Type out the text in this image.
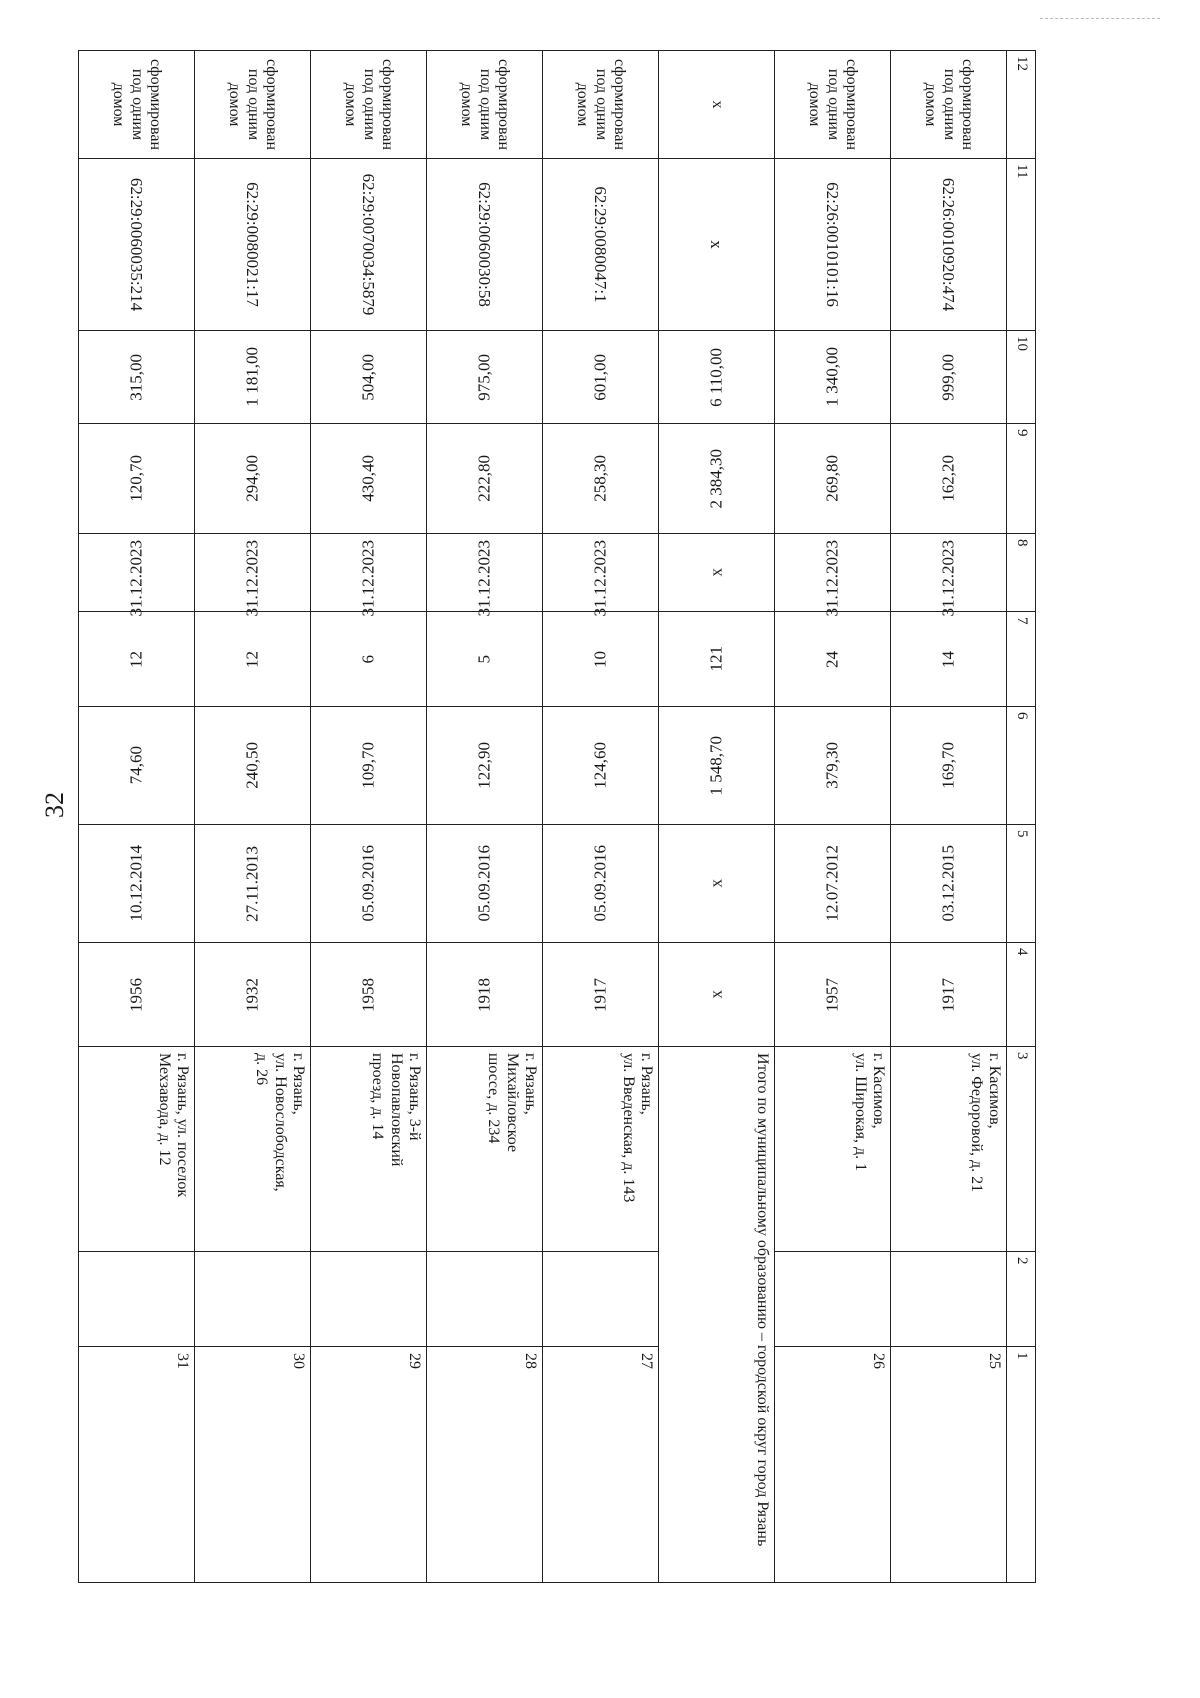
32
12	11	10	9	8	7	6	5	4	3	2	1
сформирован под одним домом	62:26:0010920:474	999,00	162,20	31.12.2023	14	169,70	03.12.2015	1917	г. Касимов,
ул. Федоровой, д. 21		25
сформирован под одним домом	62:26:0010101:16	1 340,00	269,80	31.12.2023	24	379,30	12.07.2012	1957	г. Касимов,
ул. Широкая, д. 1		26
х	х	6 110,00	2 384,30	х	121	1 548,70	х	х	Итого по муниципальному образованию – городской округ город Рязань		
сформирован под одним домом	62:29:0080047:1	601,00	258,30	31.12.2023	10	124,60	05.09.2016	1917	г. Рязань,
ул. Введенская, д. 143		27
сформирован под одним домом	62:29:0060030:58	975,00	222,80	31.12.2023	5	122,90	05.09.2016	1918	г. Рязань,
Михайловское
шоссе, д. 234		28
сформирован под одним домом	62:29:0070034:5879	504,00	430,40	31.12.2023	6	109,70	05.09.2016	1958	г. Рязань, 3-й
Новопавловский
проезд, д. 14		29
сформирован под одним домом	62:29:0080021:17	1 181,00	294,00	31.12.2023	12	240,50	27.11.2013	1932	г. Рязань,
ул. Новослободская,
д. 26		30
сформирован под одним домом	62:29:0060035:214	315,00	120,70	31.12.2023	12	74,60	10.12.2014	1956	г. Рязань, ул. поселок
Мехзавода, д. 12		31
